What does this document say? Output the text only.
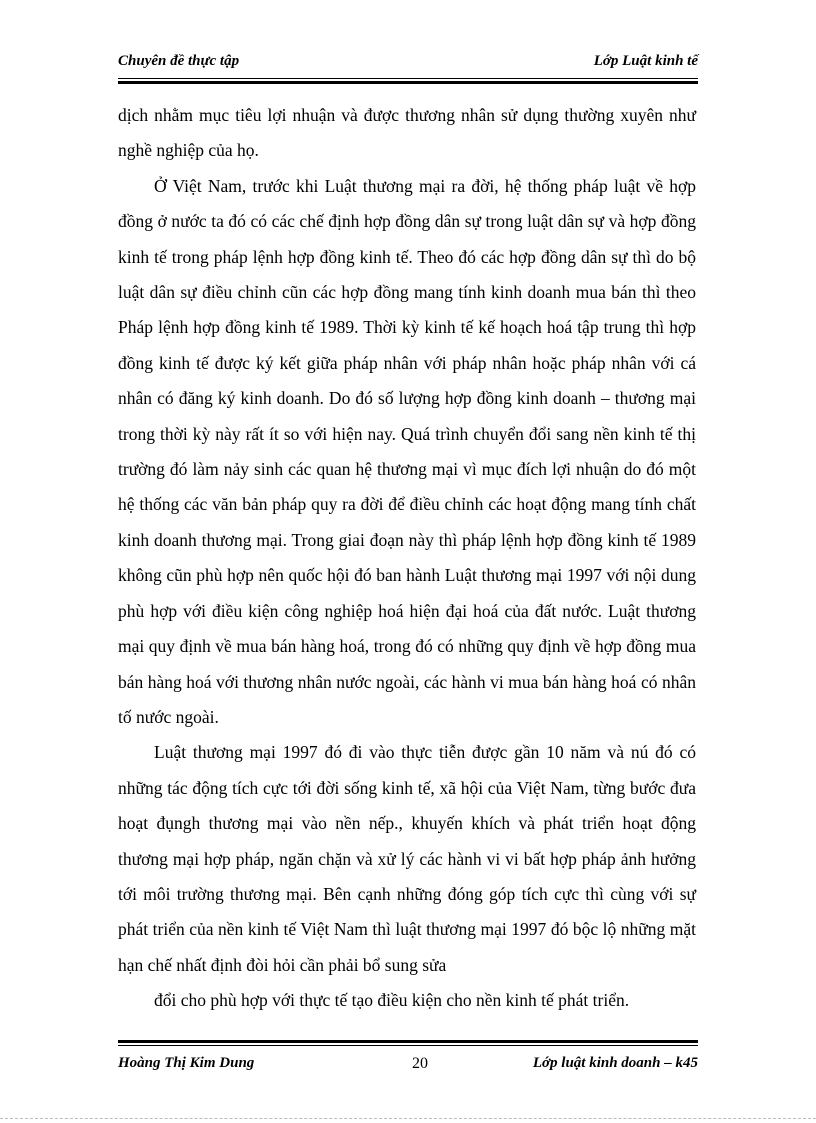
Chuyên đề thực tập	Lớp Luật kinh tế

dịch nhằm mục tiêu lợi nhuận và được thương nhân sử dụng thường xuyên như nghề nghiệp của họ.

Ở Việt Nam, trước khi Luật thương mại ra đời, hệ thống pháp luật về hợp đồng ở nước ta đó có các chế định hợp đồng dân sự trong luật dân sự và hợp đồng kinh tế trong pháp lệnh hợp đồng kinh tế. Theo đó các hợp đồng dân sự thì do bộ luật dân sự điều chỉnh cũn các hợp đồng mang tính kinh doanh mua bán thì theo Pháp lệnh hợp đồng kinh tế 1989. Thời kỳ kinh tế kế hoạch hoá tập trung thì hợp đồng kinh tế được ký kết giữa pháp nhân với pháp nhân hoặc pháp nhân với cá nhân có đăng ký kinh doanh. Do đó số lượng hợp đồng kinh doanh – thương mại trong thời kỳ này rất ít so với hiện nay. Quá trình chuyển đổi sang nền kinh tế thị trường đó làm nảy sinh các quan hệ thương mại vì mục đích lợi nhuận do đó một hệ thống các văn bản pháp quy ra đời để điều chỉnh các hoạt động mang tính chất kinh doanh thương mại. Trong giai đoạn này thì pháp lệnh hợp đồng kinh tế 1989 không cũn phù hợp nên quốc hội đó ban hành Luật thương mại 1997 với nội dung phù hợp với điều kiện công nghiệp hoá hiện đại hoá của đất nước. Luật thương mại quy định về mua bán hàng hoá, trong đó có những quy định về hợp đồng mua bán hàng hoá với thương nhân nước ngoài, các hành vi mua bán hàng hoá có nhân tố nước ngoài.

Luật thương mại 1997 đó đi vào thực tiễn được gần 10 năm và nú đó có những tác động tích cực tới đời sống kinh tế, xã hội của Việt Nam, từng bước đưa hoạt đụngh thương mại vào nền nếp., khuyến khích và phát triển hoạt động thương mại hợp pháp, ngăn chặn và xử lý các hành vi vi bất hợp pháp ảnh hưởng tới môi trường thương mại. Bên cạnh những đóng góp tích cực thì cùng với sự phát triển của nền kinh tế Việt Nam thì luật thương mại 1997 đó bộc lộ những mặt hạn chế nhất định đòi hỏi cần phải bổ sung sửa

đổi cho phù hợp với thực tế tạo điều kiện cho nền kinh tế phát triển.

Hoàng Thị Kim Dung	20	Lớp luật kinh doanh – k45
